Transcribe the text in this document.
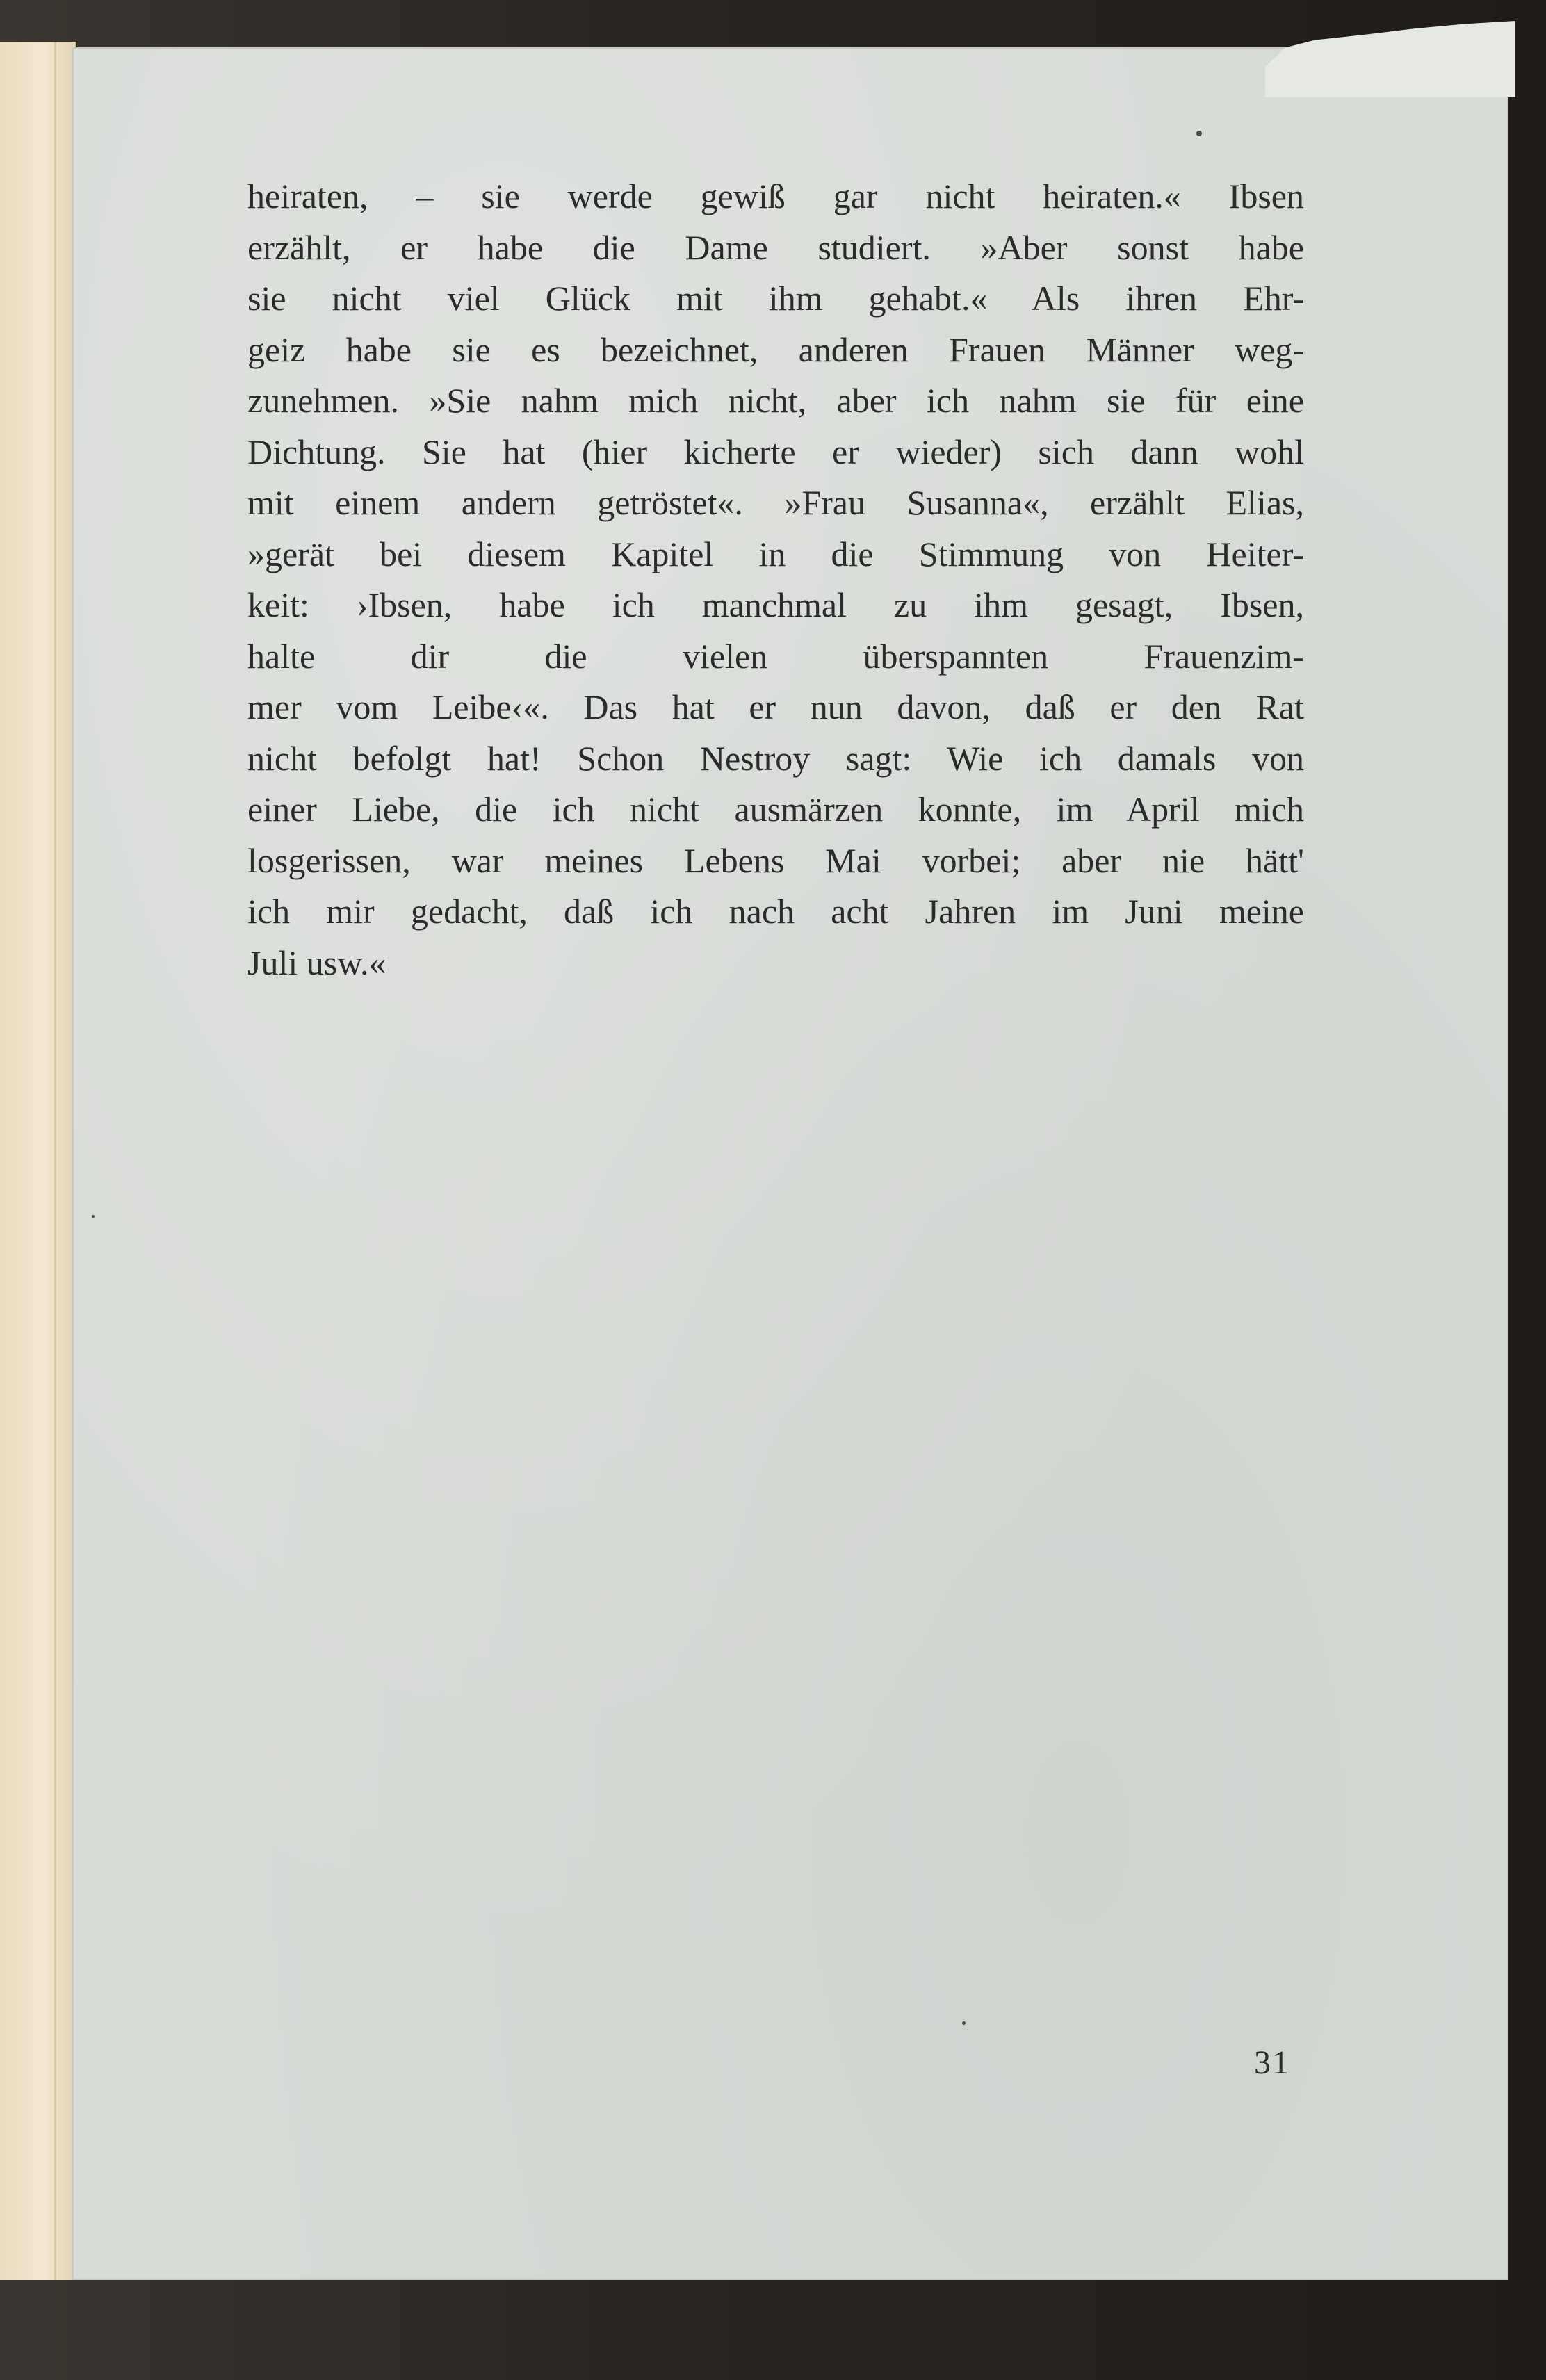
heiraten, – sie werde gewiß gar nicht heiraten.« Ibsen
erzählt, er habe die Dame studiert. »Aber sonst habe
sie nicht viel Glück mit ihm gehabt.« Als ihren Ehr-
geiz habe sie es bezeichnet, anderen Frauen Männer weg-
zunehmen. »Sie nahm mich nicht, aber ich nahm sie für eine
Dichtung. Sie hat (hier kicherte er wieder) sich dann wohl
mit einem andern getröstet«. »Frau Susanna«, erzählt Elias,
»gerät bei diesem Kapitel in die Stimmung von Heiter-
keit: ›Ibsen, habe ich manchmal zu ihm gesagt, Ibsen,
halte dir die vielen überspannten Frauenzim-
mer vom Leibe‹«. Das hat er nun davon, daß er den Rat
nicht befolgt hat! Schon Nestroy sagt: Wie ich damals von
einer Liebe, die ich nicht ausmärzen konnte, im April mich
losgerissen, war meines Lebens Mai vorbei; aber nie hätt'
ich mir gedacht, daß ich nach acht Jahren im Juni meine
Juli usw.«
31
